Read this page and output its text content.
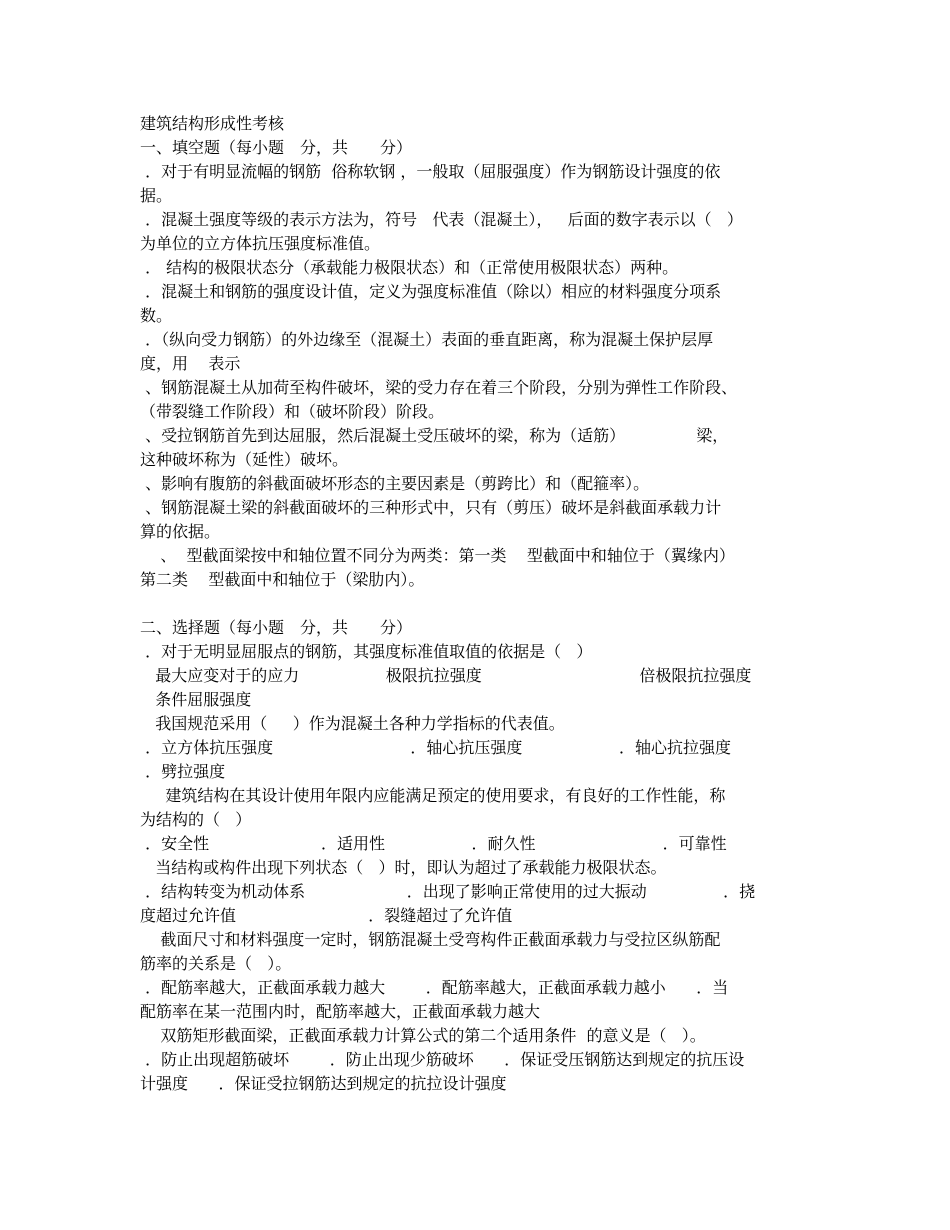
建筑结构形成性考核
一、填空题（每小题　分，共　　分）
．对于有明显流幅的钢筋  俗称软钢 ，一般取（屈服强度）作为钢筋设计强度的依
据。
．混凝土强度等级的表示方法为，符号   代表（混凝土），   后面的数字表示以（   ）
为单位的立方体抗压强度标准值。
． 结构的极限状态分（承载能力极限状态）和（正常使用极限状态）两种。
．混凝土和钢筋的强度设计值，定义为强度标准值（除以）相应的材料强度分项系
数。
．（纵向受力钢筋）的外边缘至（混凝土）表面的垂直距离，称为混凝土保护层厚
度，用    表示
、钢筋混凝土从加荷至构件破坏，梁的受力存在着三个阶段，分别为弹性工作阶段、
（带裂缝工作阶段）和（破坏阶段）阶段。
、受拉钢筋首先到达屈服，然后混凝土受压破坏的梁，称为（适筋）              梁，
这种破坏称为（延性）破坏。
、影响有腹筋的斜截面破坏形态的主要因素是（剪跨比）和（配箍率）。
、钢筋混凝土梁的斜截面破坏的三种形式中，只有（剪压）破坏是斜截面承载力计
算的依据。
、  型截面梁按中和轴位置不同分为两类：第一类    型截面中和轴位于（翼缘内）
第二类    型截面中和轴位于（梁肋内）。
二、选择题（每小题　分，共　　分）
．对于无明显屈服点的钢筋，其强度标准值取值的依据是（   ）
最大应变对于的应力                 极限抗拉强度                               倍极限抗拉强度
条件屈服强度
我国规范采用（     ）作为混凝土各种力学指标的代表值。
．立方体抗压强度                           ．轴心抗压强度                   ．轴心抗拉强度
．劈拉强度
建筑结构在其设计使用年限内应能满足预定的使用要求，有良好的工作性能，称
为结构的（   ）
．安全性                      ．适用性                 ．耐久性                         ．可靠性
当结构或构件出现下列状态（   ）时，即认为超过了承载能力极限状态。
．结构转变为机动体系                    ．出现了影响正常使用的过大振动               ．挠
度超过允许值                          ．裂缝超过了允许值
截面尺寸和材料强度一定时，钢筋混凝土受弯构件正截面承载力与受拉区纵筋配
筋率的关系是（   ）。
．配筋率越大，正截面承载力越大        ．配筋率越大，正截面承载力越小      ．当
配筋率在某一范围内时，配筋率越大，正截面承载力越大
双筋矩形截面梁，正截面承载力计算公式的第二个适用条件  的意义是（   ）。
．防止出现超筋破坏        ．防止出现少筋破坏      ．保证受压钢筋达到规定的抗压设
计强度      ．保证受拉钢筋达到规定的抗拉设计强度
